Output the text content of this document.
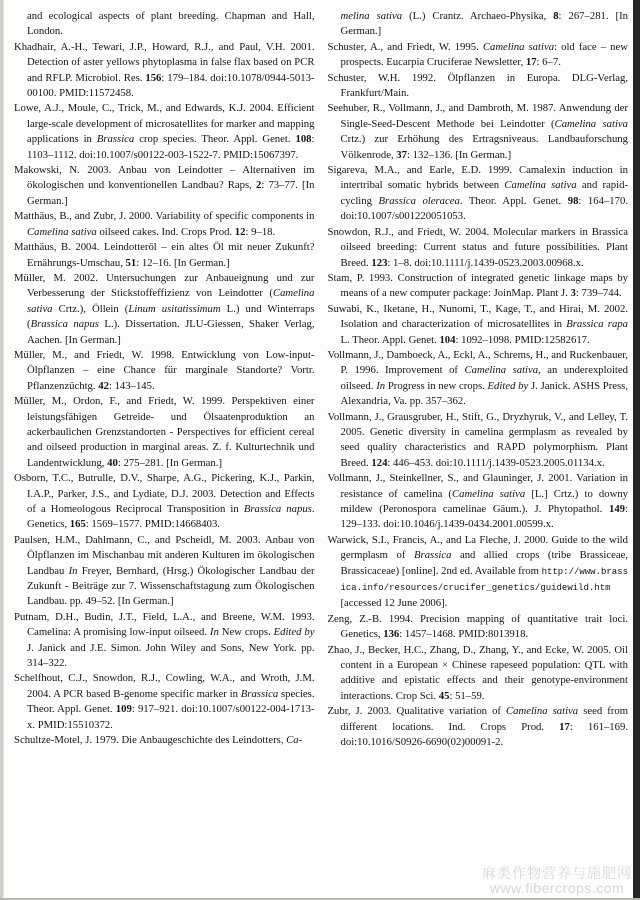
and ecological aspects of plant breeding. Chapman and Hall, London.

Khadhair, A.-H., Tewari, J.P., Howard, R.J., and Paul, V.H. 2001. Detection of aster yellows phytoplasma in false flax based on PCR and RFLP. Microbiol. Res. 156: 179–184. doi:10.1078/0944-5013-00100. PMID:11572458.

Lowe, A.J., Moule, C., Trick, M., and Edwards, K.J. 2004. Efficient large-scale development of microsatellites for marker and mapping applications in Brassica crop species. Theor. Appl. Genet. 108: 1103–1112. doi:10.1007/s00122-003-1522-7. PMID:15067397.

Makowski, N. 2003. Anbau von Leindotter – Alternativen im ökologischen und konventionellen Landbau? Raps, 2: 73–77. [In German.]

Matthäus, B., and Zubr, J. 2000. Variability of specific components in Camelina sativa oilseed cakes. Ind. Crops Prod. 12: 9–18.

Matthäus, B. 2004. Leindotteröl – ein altes Öl mit neuer Zukunft? Ernährungs-Umschau, 51: 12–16. [In German.]

Müller, M. 2002. Untersuchungen zur Anbaueignung und zur Verbesserung der Stickstoffeffizienz von Leindotter (Camelina sativa Crtz.), Öllein (Linum usitatissimum L.) und Winterraps (Brassica napus L.). Dissertation. JLU-Giessen, Shaker Verlag, Aachen. [In German.]

Müller, M., and Friedt, W. 1998. Entwicklung von Low-input-Ölpflanzen – eine Chance für marginale Standorte? Vortr. Pflanzenzüchtg. 42: 143–145.

Müller, M., Ordon, F., and Friedt, W. 1999. Perspektiven einer leistungsfähigen Getreide- und Ölsaatenproduktion an ackerbaulichen Grenzstandorten - Perspectives for efficient cereal and oilseed production in marginal areas. Z. f. Kulturtechnik und Landentwicklung, 40: 275–281. [In German.]

Osborn, T.C., Butrulle, D.V., Sharpe, A.G., Pickering, K.J., Parkin, I.A.P., Parker, J.S., and Lydiate, D.J. 2003. Detection and Effects of a Homeologous Reciprocal Transposition in Brassica napus. Genetics, 165: 1569–1577. PMID:14668403.

Paulsen, H.M., Dahlmann, C., and Pscheidl, M. 2003. Anbau von Ölpflanzen im Mischanbau mit anderen Kulturen im ökologischen Landbau In Freyer, Bernhard, (Hrsg.) Ökologischer Landbau der Zukunft - Beiträge zur 7. Wissenschaftstagung zum Ökologischen Landbau. pp. 49–52. [In German.]

Putnam, D.H., Budin, J.T., Field, L.A., and Breene, W.M. 1993. Camelina: A promising low-input oilseed. In New crops. Edited by J. Janick and J.E. Simon. John Wiley and Sons, New York. pp. 314–322.

Schelfhout, C.J., Snowdon, R.J., Cowling, W.A., and Wroth, J.M. 2004. A PCR based B-genome specific marker in Brassica species. Theor. Appl. Genet. 109: 917–921. doi:10.1007/s00122-004-1713-x. PMID:15510372.

Schultze-Motel, J. 1979. Die Anbaugeschichte des Leindotters, Ca-

melina sativa (L.) Crantz. Archaeo-Physika, 8: 267–281. [In German.]

Schuster, A., and Friedt, W. 1995. Camelina sativa: old face – new prospects. Eucarpia Cruciferae Newsletter, 17: 6–7.

Schuster, W.H. 1992. Ölpflanzen in Europa. DLG-Verlag, Frankfurt/Main.

Seehuber, R., Vollmann, J., and Dambroth, M. 1987. Anwendung der Single-Seed-Descent Methode bei Leindotter (Camelina sativa Crtz.) zur Erhöhung des Ertragsniveaus. Landbauforschung Völkenrode, 37: 132–136. [In German.]

Sigareva, M.A., and Earle, E.D. 1999. Camalexin induction in intertribal somatic hybrids between Camelina sativa and rapid-cycling Brassica oleracea. Theor. Appl. Genet. 98: 164–170. doi:10.1007/s001220051053.

Snowdon, R.J., and Friedt, W. 2004. Molecular markers in Brassica oilseed breeding: Current status and future possibilities. Plant Breed. 123: 1–8. doi:10.1111/j.1439-0523.2003.00968.x.

Stam, P. 1993. Construction of integrated genetic linkage maps by means of a new computer package: JoinMap. Plant J. 3: 739–744.

Suwabi, K., Iketane, H., Nunomi, T., Kage, T., and Hirai, M. 2002. Isolation and characterization of microsatellites in Brassica rapa L. Theor. Appl. Genet. 104: 1092–1098. PMID:12582617.

Vollmann, J., Damboeck, A., Eckl, A., Schrems, H., and Ruckenbauer, P. 1996. Improvement of Camelina sativa, an underexploited oilseed. In Progress in new crops. Edited by J. Janick. ASHS Press, Alexandria, Va. pp. 357–362.

Vollmann, J., Grausgruber, H., Stift, G., Dryzhyruk, V., and Lelley, T. 2005. Genetic diversity in camelina germplasm as revealed by seed quality characteristics and RAPD polymorphism. Plant Breed. 124: 446–453. doi:10.1111/j.1439-0523.2005.01134.x.

Vollmann, J., Steinkellner, S., and Glauninger, J. 2001. Variation in resistance of camelina (Camelina sativa [L.] Crtz.) to downy mildew (Peronospora camelinae Gäum.). J. Phytopathol. 149: 129–133. doi:10.1046/j.1439-0434.2001.00599.x.

Warwick, S.I., Francis, A., and La Fleche, J. 2000. Guide to the wild germplasm of Brassica and allied crops (tribe Brassiceae, Brassicaceae) [online]. 2nd ed. Available from http://www.brassica.info/resources/crucifer_genetics/guidewild.htm [accessed 12 June 2006].

Zeng, Z.-B. 1994. Precision mapping of quantitative trait loci. Genetics, 136: 1457–1468. PMID:8013918.

Zhao, J., Becker, H.C., Zhang, D., Zhang, Y., and Ecke, W. 2005. Oil content in a European × Chinese rapeseed population: QTL with additive and epistatic effects and their genotype-environment interactions. Crop Sci. 45: 51–59.

Zubr, J. 2003. Qualitative variation of Camelina sativa seed from different locations. Ind. Crops Prod. 17: 161–169. doi:10.1016/S0926-6690(02)00091-2.

麻类作物营养与施肥网
www.fibercrops.com
